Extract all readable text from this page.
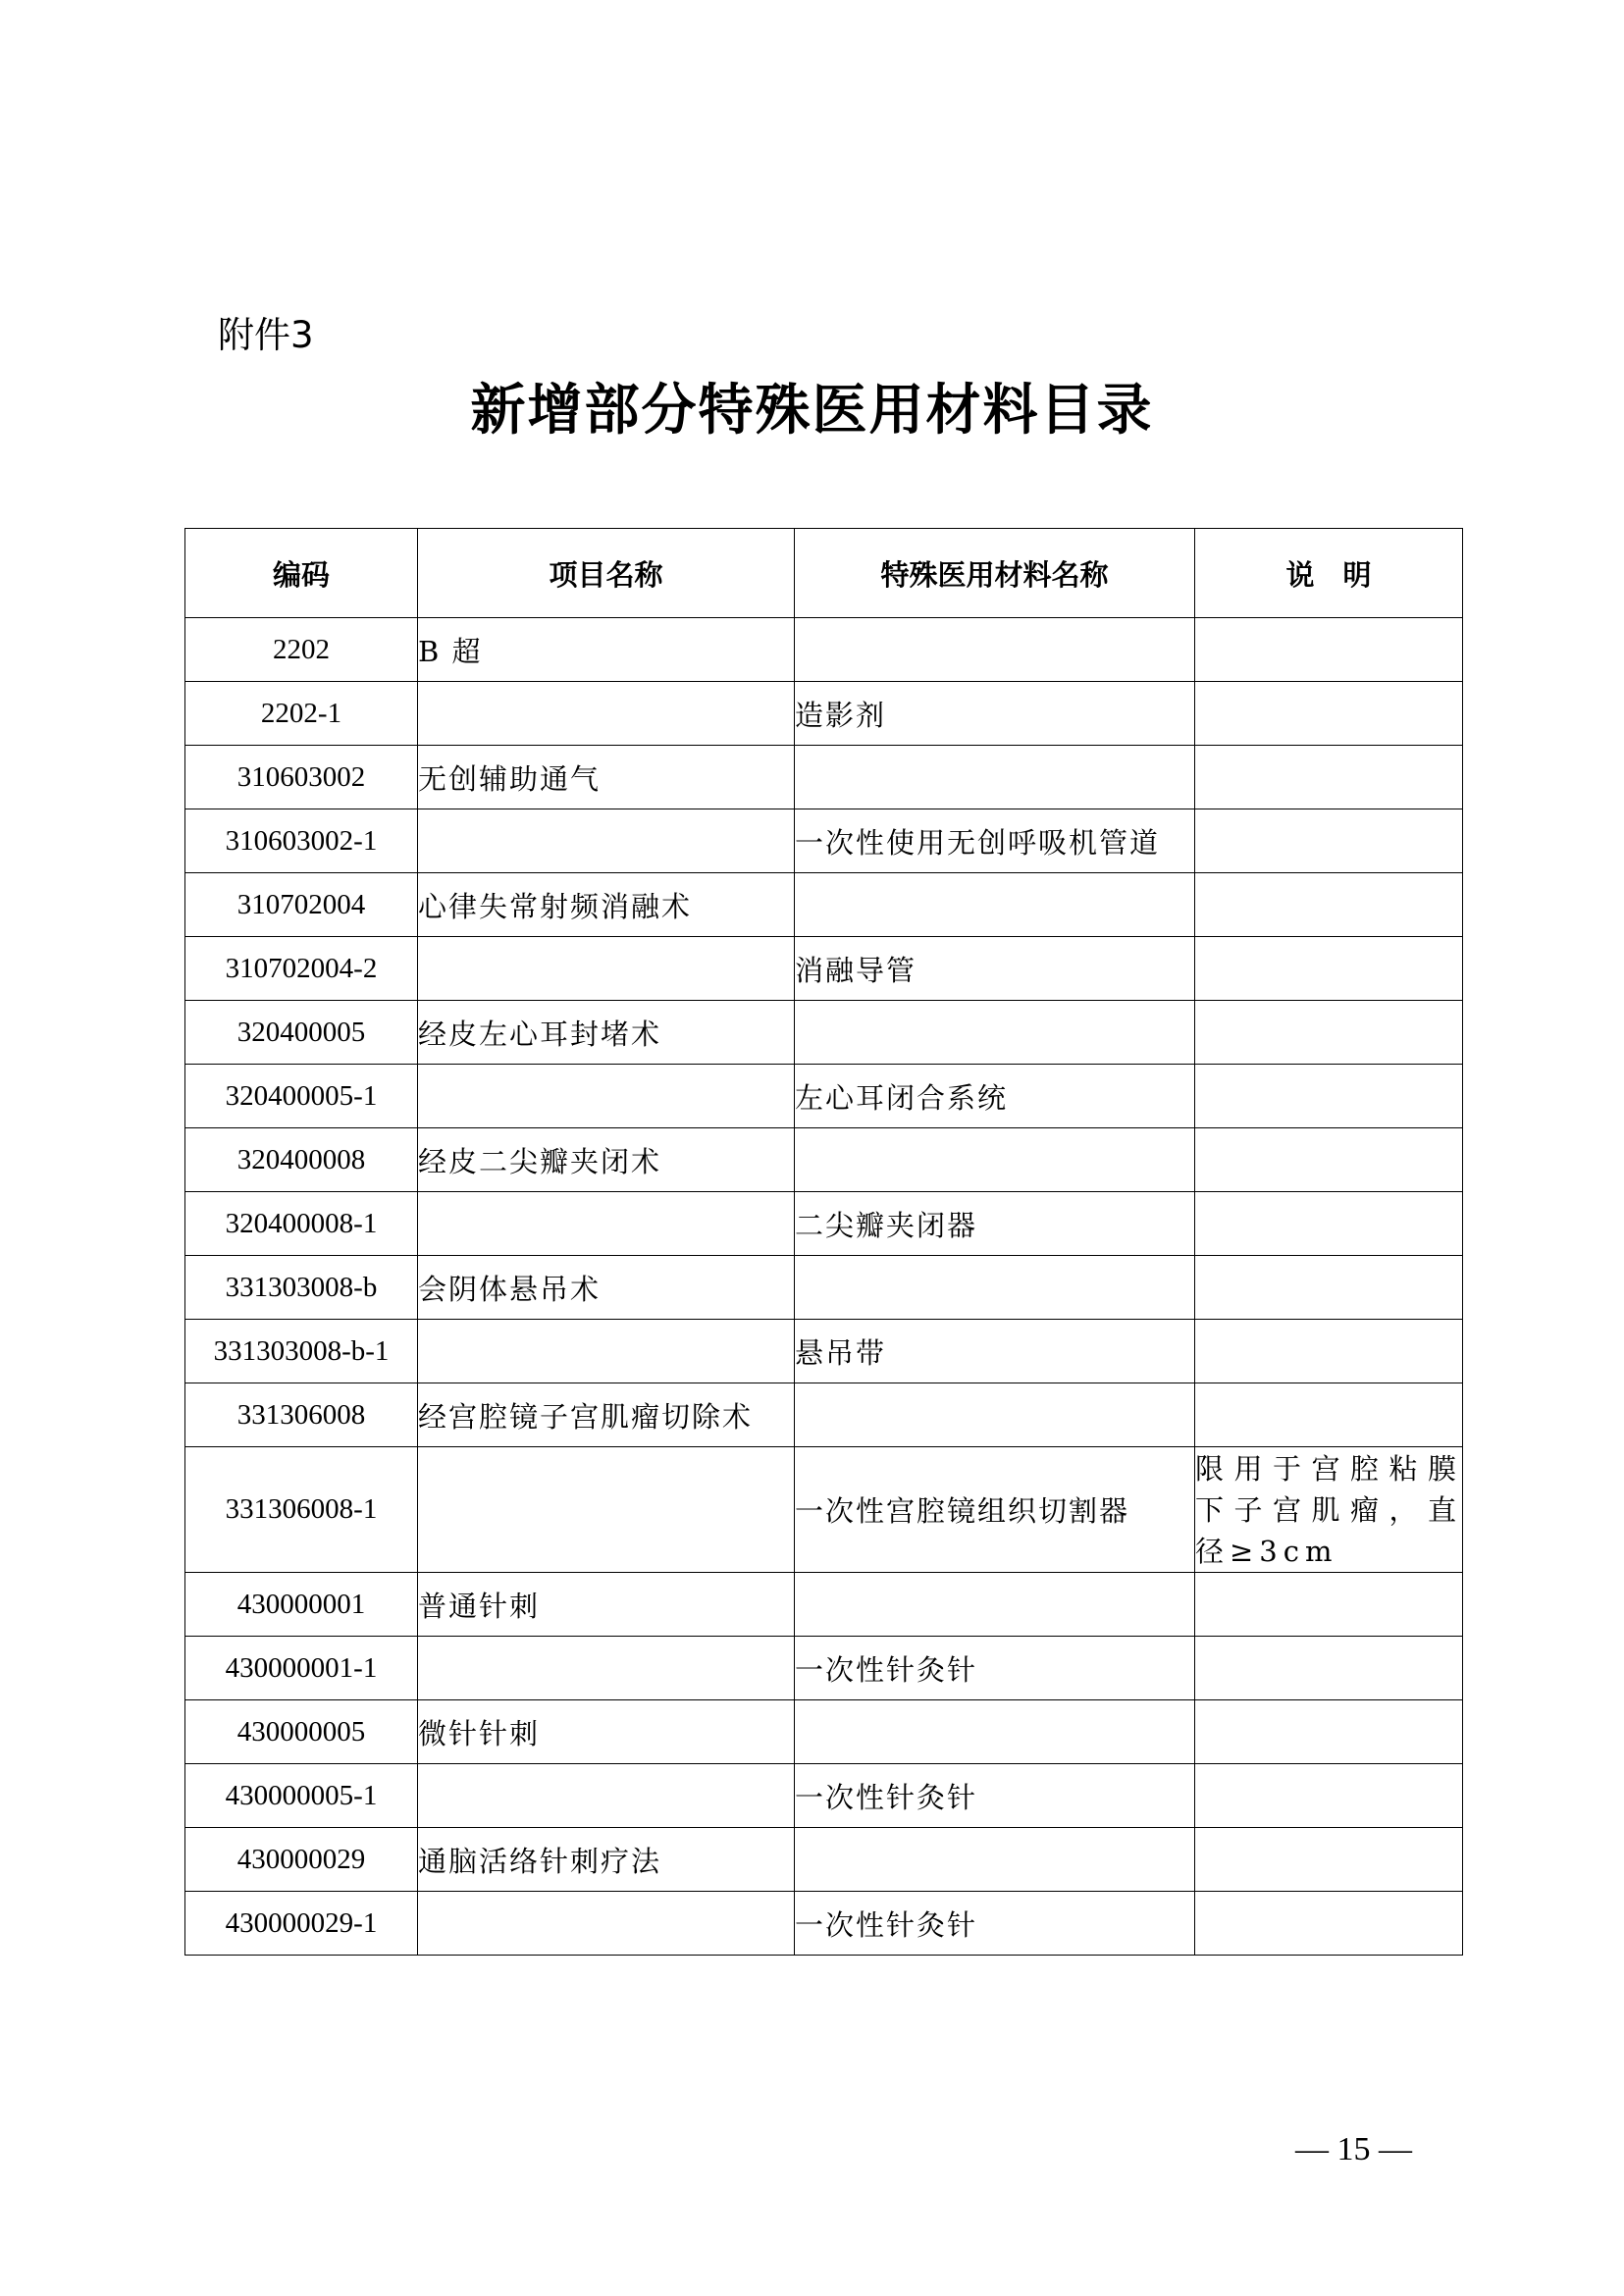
附件3
新增部分特殊医用材料目录
编码	项目名称	特殊医用材料名称	说　明
2202	B 超		
2202-1		造影剂	
310603002	无创辅助通气		
310603002-1		一次性使用无创呼吸机管道	
310702004	心律失常射频消融术		
310702004-2		消融导管	
320400005	经皮左心耳封堵术		
320400005-1		左心耳闭合系统	
320400008	经皮二尖瓣夹闭术		
320400008-1		二尖瓣夹闭器	
331303008-b	会阴体悬吊术		
331303008-b-1		悬吊带	
331306008	经宫腔镜子宫肌瘤切除术		
331306008-1		一次性宫腔镜组织切割器	限用于宫腔粘膜下子宫肌瘤，直径≥3cm
430000001	普通针刺		
430000001-1		一次性针灸针	
430000005	微针针刺		
430000005-1		一次性针灸针	
430000029	通脑活络针刺疗法		
430000029-1		一次性针灸针	
— 15 —
